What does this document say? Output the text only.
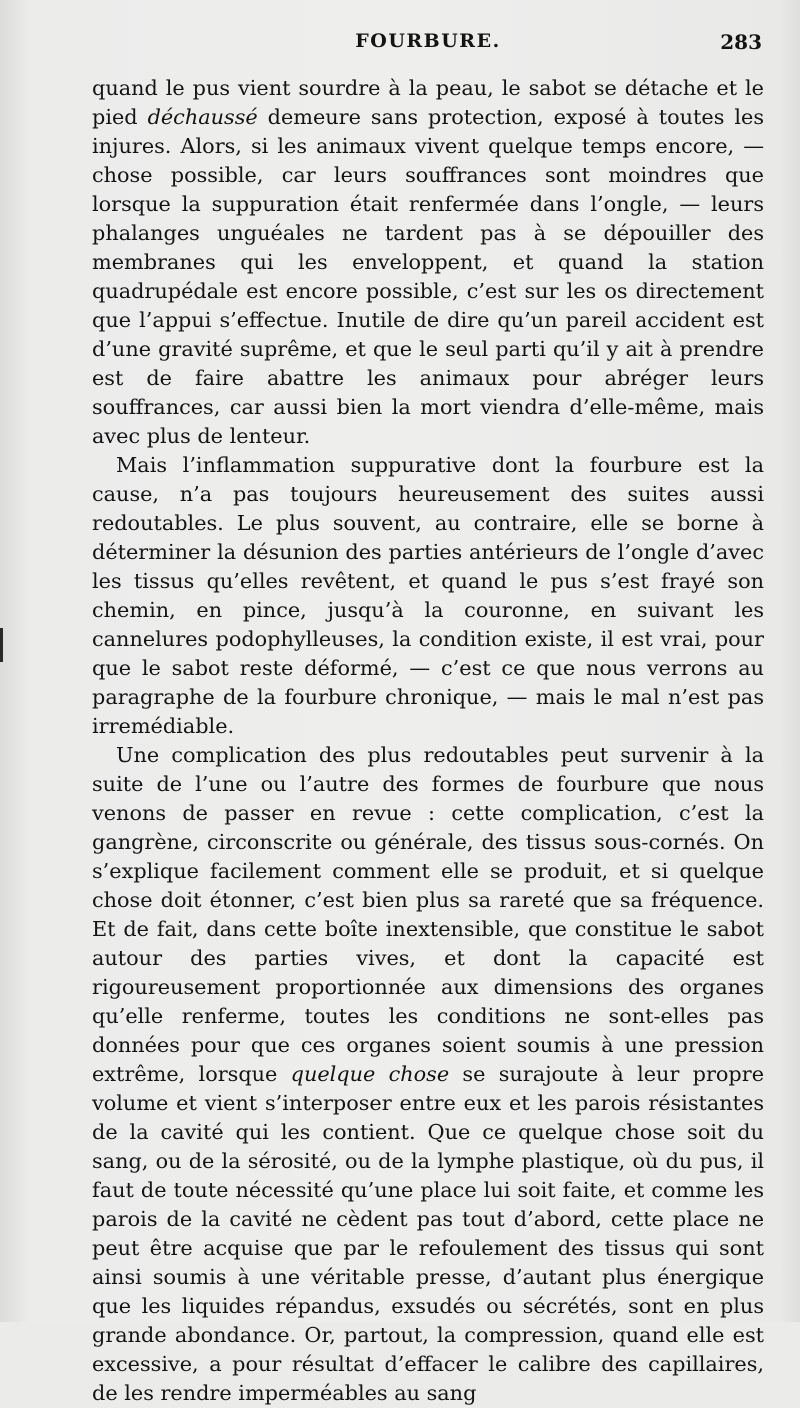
FOURBURE.	283

quand le pus vient sourdre à la peau, le sabot se détache et le pied déchaussé demeure sans protection, exposé à toutes les injures. Alors, si les animaux vivent quelque temps encore, — chose possible, car leurs souffrances sont moindres que lorsque la suppuration était renfermée dans l’ongle, — leurs phalanges unguéales ne tardent pas à se dépouiller des membranes qui les enveloppent, et quand la station quadrupédale est encore possible, c’est sur les os directement que l’appui s’effectue. Inutile de dire qu’un pareil accident est d’une gravité suprême, et que le seul parti qu’il y ait à prendre est de faire abattre les animaux pour abréger leurs souffrances, car aussi bien la mort viendra d’elle-même, mais avec plus de lenteur.

Mais l’inflammation suppurative dont la fourbure est la cause, n’a pas toujours heureusement des suites aussi redoutables. Le plus souvent, au contraire, elle se borne à déterminer la désunion des parties antérieurs de l’ongle d’avec les tissus qu’elles revêtent, et quand le pus s’est frayé son chemin, en pince, jusqu’à la couronne, en suivant les cannelures podophylleuses, la condition existe, il est vrai, pour que le sabot reste déformé, — c’est ce que nous verrons au paragraphe de la fourbure chronique, — mais le mal n’est pas irremédiable.

Une complication des plus redoutables peut survenir à la suite de l’une ou l’autre des formes de fourbure que nous venons de passer en revue : cette complication, c’est la gangrène, circonscrite ou générale, des tissus sous-cornés. On s’explique facilement comment elle se produit, et si quelque chose doit étonner, c’est bien plus sa rareté que sa fréquence. Et de fait, dans cette boîte inextensible, que constitue le sabot autour des parties vives, et dont la capacité est rigoureusement proportionnée aux dimensions des organes qu’elle renferme, toutes les conditions ne sont-elles pas données pour que ces organes soient soumis à une pression extrême, lorsque quelque chose se surajoute à leur propre volume et vient s’interposer entre eux et les parois résistantes de la cavité qui les contient. Que ce quelque chose soit du sang, ou de la sérosité, ou de la lymphe plastique, où du pus, il faut de toute nécessité qu’une place lui soit faite, et comme les parois de la cavité ne cèdent pas tout d’abord, cette place ne peut être acquise que par le refoulement des tissus qui sont ainsi soumis à une véritable presse, d’autant plus énergique que les liquides répandus, exsudés ou sécrétés, sont en plus grande abondance. Or, partout, la compression, quand elle est excessive, a pour résultat d’effacer le calibre des capillaires, de les rendre imperméables au sang
